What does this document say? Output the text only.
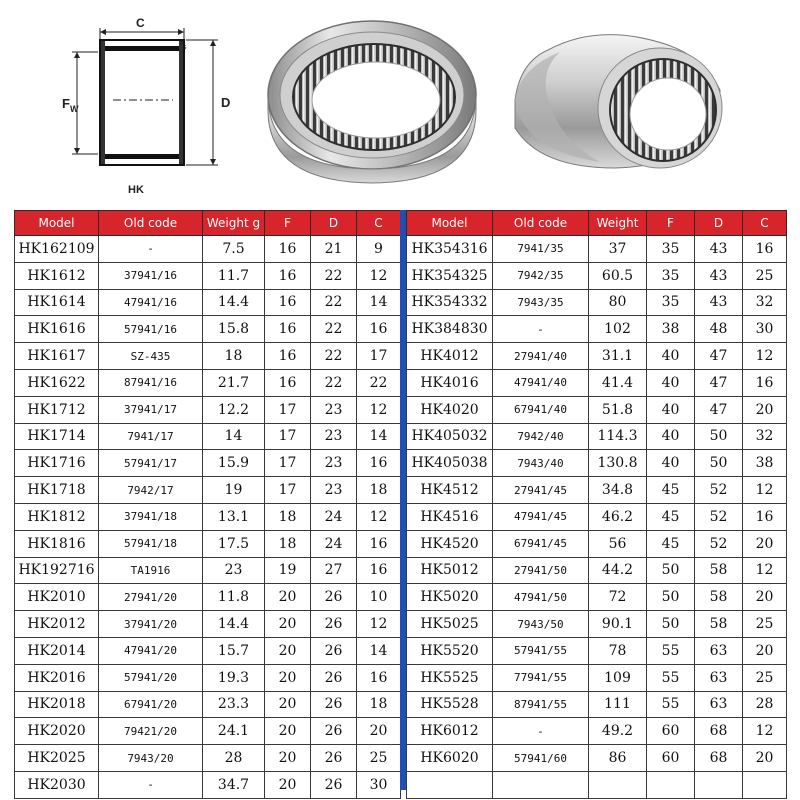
C
$r_s$
$F_W$	D
HK
Model	Old code	Weight g	F	D	C
HK162109	-	7.5	16	21	9
HK1612	37941/16	11.7	16	22	12
HK1614	47941/16	14.4	16	22	14
HK1616	57941/16	15.8	16	22	16
HK1617	SZ-435	18	16	22	17
HK1622	87941/16	21.7	16	22	22
HK1712	37941/17	12.2	17	23	12
HK1714	7941/17	14	17	23	14
HK1716	57941/17	15.9	17	23	16
HK1718	7942/17	19	17	23	18
HK1812	37941/18	13.1	18	24	12
HK1816	57941/18	17.5	18	24	16
HK192716	TA1916	23	19	27	16
HK2010	27941/20	11.8	20	26	10
HK2012	37941/20	14.4	20	26	12
HK2014	47941/20	15.7	20	26	14
HK2016	57941/20	19.3	20	26	16
HK2018	67941/20	23.3	20	26	18
HK2020	79421/20	24.1	20	26	20
HK2025	7943/20	28	20	26	25
HK2030	-	34.7	20	26	30
Model	Old code	Weight	F	D	C
HK354316	7941/35	37	35	43	16
HK354325	7942/35	60.5	35	43	25
HK354332	7943/35	80	35	43	32
HK384830	-	102	38	48	30
HK4012	27941/40	31.1	40	47	12
HK4016	47941/40	41.4	40	47	16
HK4020	67941/40	51.8	40	47	20
HK405032	7942/40	114.3	40	50	32
HK405038	7943/40	130.8	40	50	38
HK4512	27941/45	34.8	45	52	12
HK4516	47941/45	46.2	45	52	16
HK4520	67941/45	56	45	52	20
HK5012	27941/50	44.2	50	58	12
HK5020	47941/50	72	50	58	20
HK5025	7943/50	90.1	50	58	25
HK5520	57941/55	78	55	63	20
HK5525	77941/55	109	55	63	25
HK5528	87941/55	111	55	63	28
HK6012	-	49.2	60	68	12
HK6020	57941/60	86	60	68	20
